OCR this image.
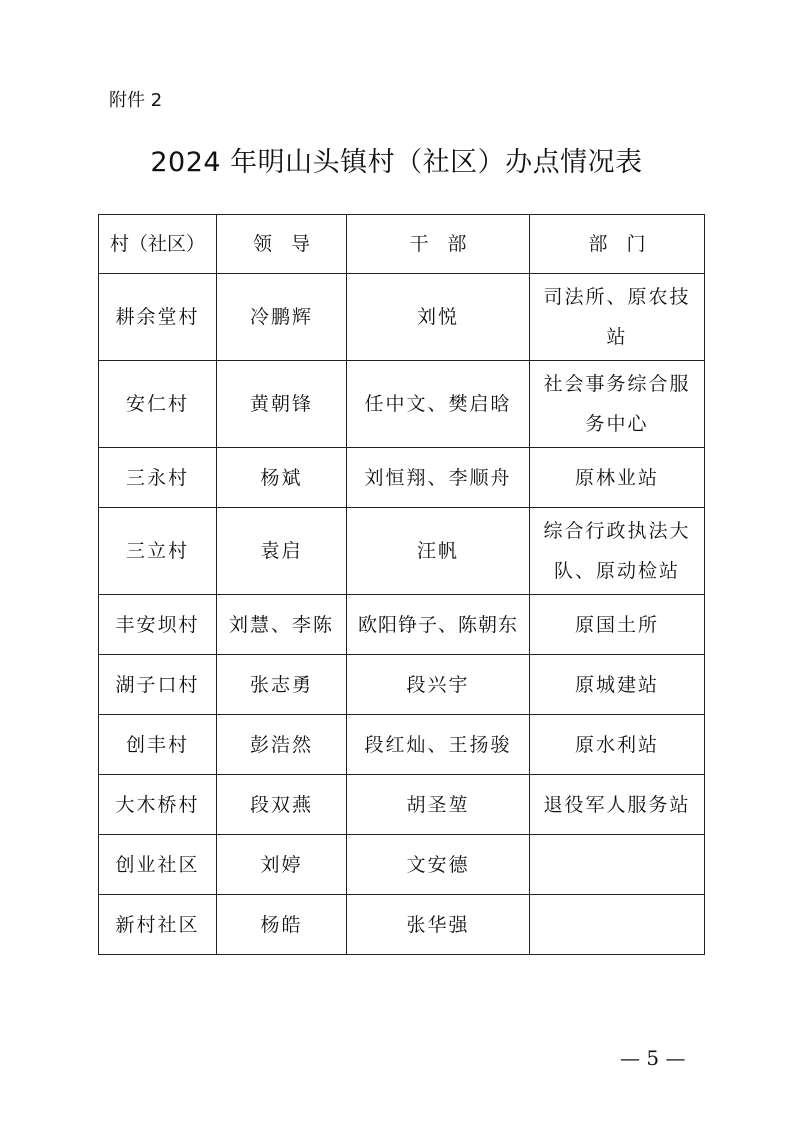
附件 2
2024 年明山头镇村（社区）办点情况表
村（社区）	领　导	干　部	部　门
耕余堂村	冷鹏辉	刘悦	司法所、原农技站
安仁村	黄朝锋	任中文、樊启晗	社会事务综合服务中心
三永村	杨斌	刘恒翔、李顺舟	原林业站
三立村	袁启	汪帆	综合行政执法大队、原动检站
丰安坝村	刘慧、李陈	欧阳铮子、陈朝东	原国土所
湖子口村	张志勇	段兴宇	原城建站
创丰村	彭浩然	段红灿、王扬骏	原水利站
大木桥村	段双燕	胡圣堃	退役军人服务站
创业社区	刘婷	文安德	
新村社区	杨皓	张华强	
— 5 —
